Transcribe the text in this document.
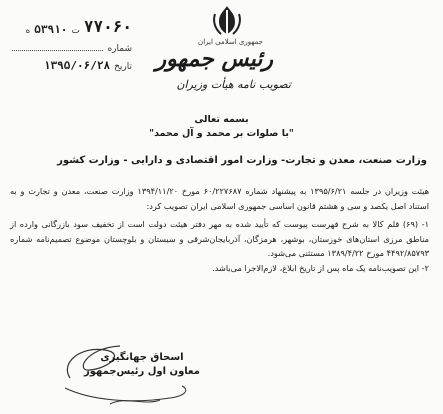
۷۷۰۶۰
ت
۵۳۹۱۰
ه
شماره
تاریخ
۱۳۹۵/۰۶/۲۸
جمهوری اسلامی ایران
رئیس جمهور
تصویب نامه هیأت وزیران
بسمه تعالی
"با صلوات بر محمد و آل محمد"
وزارت صنعت، معدن و تجارت- وزارت امور اقتصادی و دارایی - وزارت کشور

هیئت وزیران در جلسه ۱۳۹۵/۶/۲۱ به پیشنهاد شماره ۶۰/۲۲۷۶۸۷ مورخ ۱۳۹۴/۱۱/۲۰ وزارت صنعت، معدن و تجارت و به استناد اصل یکصد و سی و هشتم قانون اساسی جمهوری اسلامی ایران تصویب کرد:

۱- (۶۹) قلم کالا به شرح فهرست پیوست که تأیید شده به مهر دفتر هیئت دولت است از تخفیف سود بازرگانی وارده از مناطق مرزی استان‌های خوزستان، بوشهر، هرمزگان، آذربایجان‌شرقی و سیستان و بلوچستان موضوع تصمیم‌نامه شماره ۴۴۹۲/۸۵۷۹۳ مورخ ۱۳۸۹/۴/۲۲ مستثنی می‌شود.

۲- این تصویب‌نامه یک ماه پس از تاریخ ابلاغ، لازم‌الاجرا می‌باشد.

اسحاق جهانگیری
معاون اول رئیس‌جمهور
